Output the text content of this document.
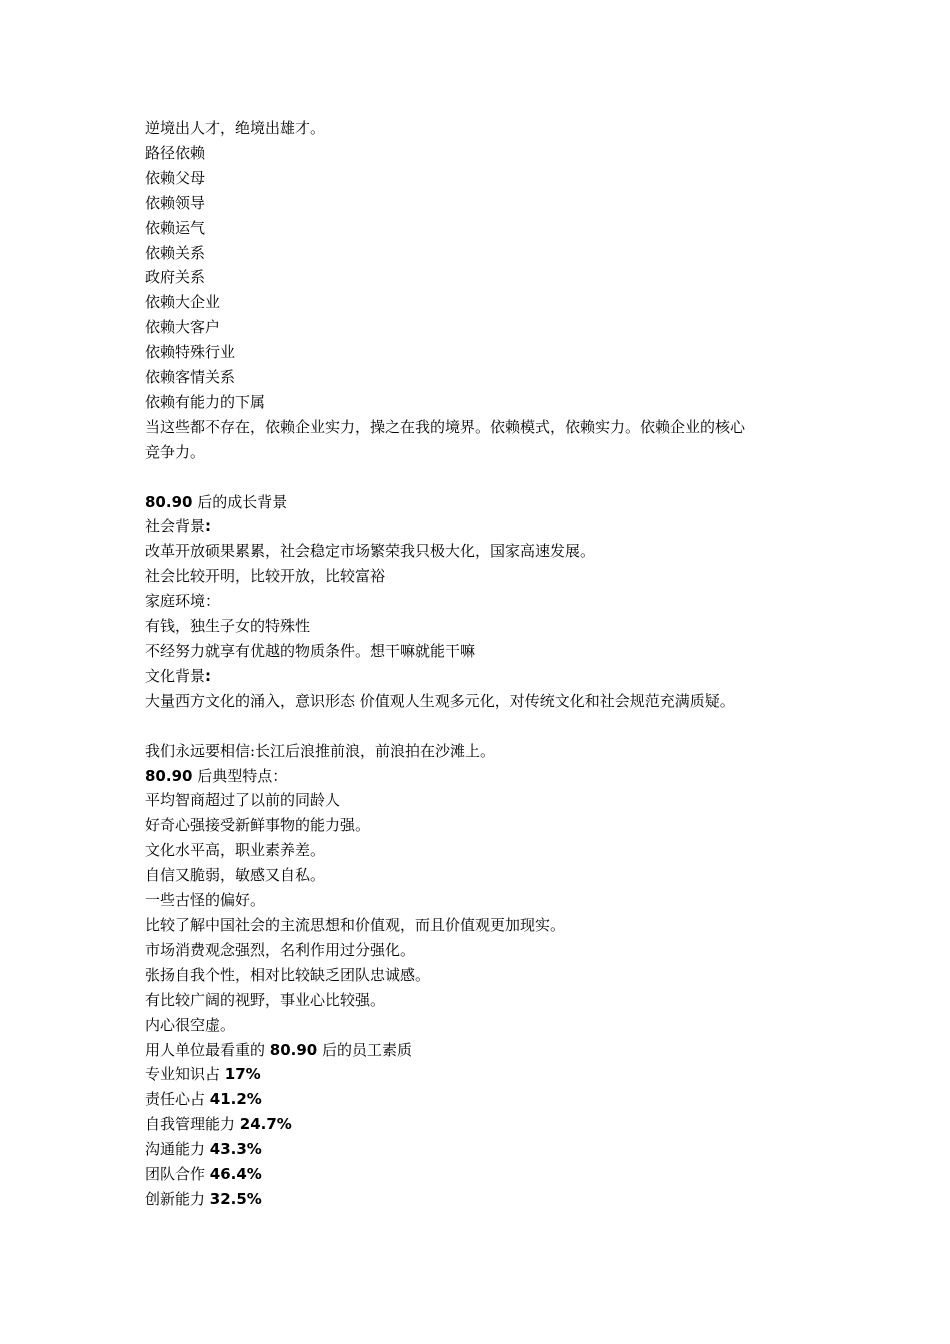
逆境出人才，绝境出雄才。
路径依赖
依赖父母
依赖领导
依赖运气
依赖关系
政府关系
依赖大企业
依赖大客户
依赖特殊行业
依赖客情关系
依赖有能力的下属
当这些都不存在，依赖企业实力，操之在我的境界。依赖模式，依赖实力。依赖企业的核心
竞争力。
80.90 后的成长背景
社会背景:
改革开放硕果累累，社会稳定市场繁荣我只极大化，国家高速发展。
社会比较开明，比较开放，比较富裕
家庭环境：
有钱，独生子女的特殊性
不经努力就享有优越的物质条件。想干嘛就能干嘛
文化背景:
大量西方文化的涌入，意识形态 价值观人生观多元化，对传统文化和社会规范充满质疑。
我们永远要相信:长江后浪推前浪，前浪拍在沙滩上。
80.90 后典型特点：
平均智商超过了以前的同龄人
好奇心强接受新鲜事物的能力强。
文化水平高，职业素养差。
自信又脆弱，敏感又自私。
一些古怪的偏好。
比较了解中国社会的主流思想和价值观，而且价值观更加现实。
市场消费观念强烈，名利作用过分强化。
张扬自我个性，相对比较缺乏团队忠诚感。
有比较广阔的视野，事业心比较强。
内心很空虚。
用人单位最看重的 80.90 后的员工素质
专业知识占 17%
责任心占 41.2%
自我管理能力 24.7%
沟通能力 43.3%
团队合作 46.4%
创新能力 32.5%
